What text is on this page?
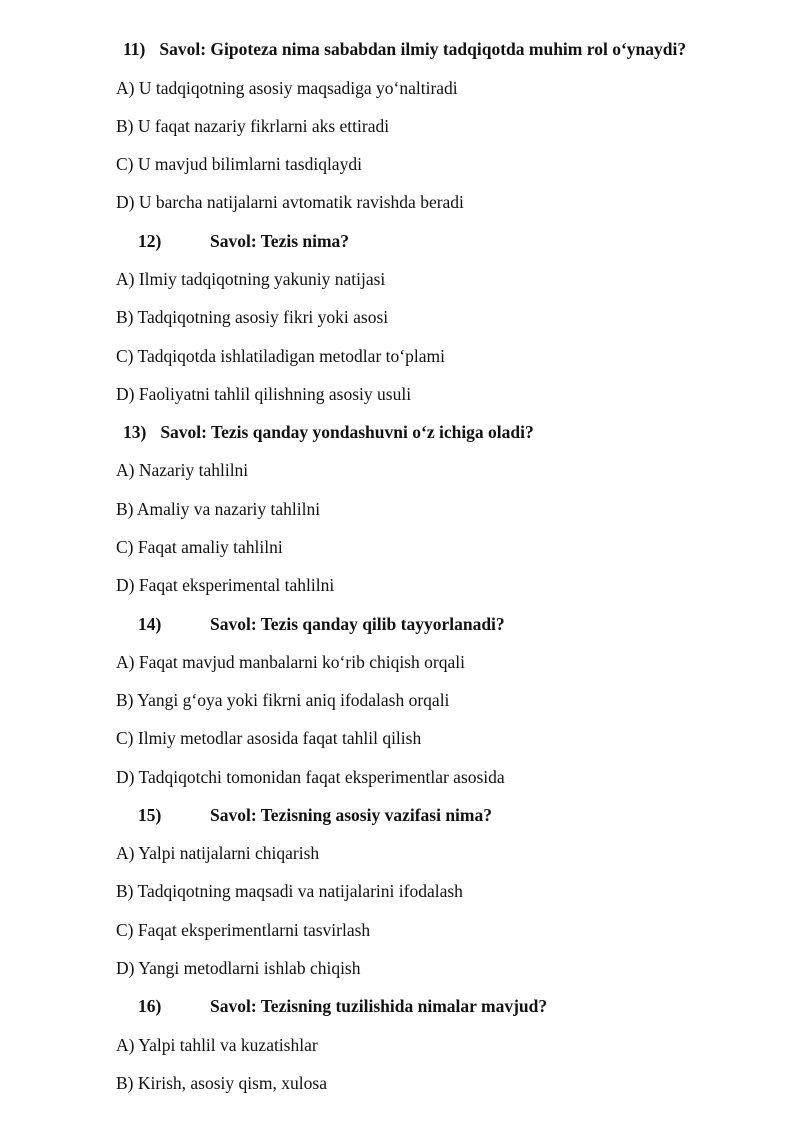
11) Savol: Gipoteza nima sababdan ilmiy tadqiqotda muhim rol o‘ynaydi?
A) U tadqiqotning asosiy maqsadiga yo‘naltiradi
B) U faqat nazariy fikrlarni aks ettiradi
C) U mavjud bilimlarni tasdiqlaydi
D) U barcha natijalarni avtomatik ravishda beradi
12)	Savol: Tezis nima?
A) Ilmiy tadqiqotning yakuniy natijasi
B) Tadqiqotning asosiy fikri yoki asosi
C) Tadqiqotda ishlatiladigan metodlar to‘plami
D) Faoliyatni tahlil qilishning asosiy usuli
13) Savol: Tezis qanday yondashuvni o‘z ichiga oladi?
A) Nazariy tahlilni
B) Amaliy va nazariy tahlilni
C) Faqat amaliy tahlilni
D) Faqat eksperimental tahlilni
14)	Savol: Tezis qanday qilib tayyorlanadi?
A) Faqat mavjud manbalarni ko‘rib chiqish orqali
B) Yangi g‘oya yoki fikrni aniq ifodalash orqali
C) Ilmiy metodlar asosida faqat tahlil qilish
D) Tadqiqotchi tomonidan faqat eksperimentlar asosida
15)	Savol: Tezisning asosiy vazifasi nima?
A) Yalpi natijalarni chiqarish
B) Tadqiqotning maqsadi va natijalarini ifodalash
C) Faqat eksperimentlarni tasvirlash
D) Yangi metodlarni ishlab chiqish
16)	Savol: Tezisning tuzilishida nimalar mavjud?
A) Yalpi tahlil va kuzatishlar
B) Kirish, asosiy qism, xulosa
